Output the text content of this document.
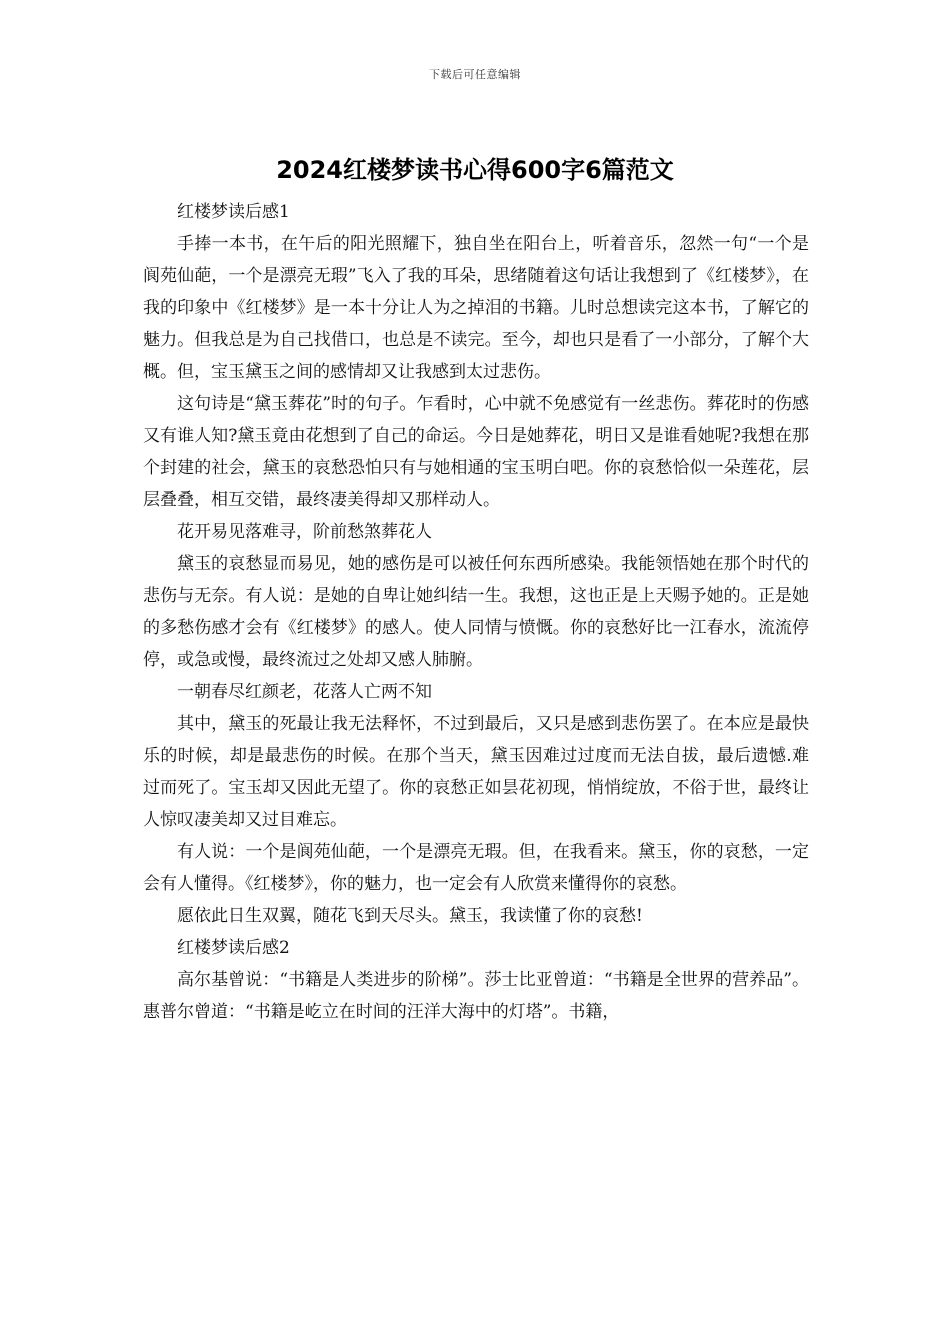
下载后可任意编辑
2024红楼梦读书心得600字6篇范文

红楼梦读后感1

手捧一本书，在午后的阳光照耀下，独自坐在阳台上，听着音乐，忽然一句“一个是阆苑仙葩，一个是漂亮无瑕”飞入了我的耳朵，思绪随着这句话让我想到了《红楼梦》，在我的印象中《红楼梦》是一本十分让人为之掉泪的书籍。儿时总想读完这本书，了解它的魅力。但我总是为自己找借口，也总是不读完。至今，却也只是看了一小部分，了解个大概。但，宝玉黛玉之间的感情却又让我感到太过悲伤。

这句诗是“黛玉葬花”时的句子。乍看时，心中就不免感觉有一丝悲伤。葬花时的伤感又有谁人知?黛玉竟由花想到了自己的命运。今日是她葬花，明日又是谁看她呢?我想在那个封建的社会，黛玉的哀愁恐怕只有与她相通的宝玉明白吧。你的哀愁恰似一朵莲花，层层叠叠，相互交错，最终凄美得却又那样动人。

花开易见落难寻，阶前愁煞葬花人

黛玉的哀愁显而易见，她的感伤是可以被任何东西所感染。我能领悟她在那个时代的悲伤与无奈。有人说：是她的自卑让她纠结一生。我想，这也正是上天赐予她的。正是她的多愁伤感才会有《红楼梦》的感人。使人同情与愤慨。你的哀愁好比一江春水，流流停停，或急或慢，最终流过之处却又感人肺腑。

一朝春尽红颜老，花落人亡两不知

其中，黛玉的死最让我无法释怀，不过到最后，又只是感到悲伤罢了。在本应是最快乐的时候，却是最悲伤的时候。在那个当天，黛玉因难过过度而无法自拔，最后遗憾.难过而死了。宝玉却又因此无望了。你的哀愁正如昙花初现，悄悄绽放，不俗于世，最终让人惊叹凄美却又过目难忘。

有人说：一个是阆苑仙葩，一个是漂亮无瑕。但，在我看来。黛玉，你的哀愁，一定会有人懂得。《红楼梦》，你的魅力，也一定会有人欣赏来懂得你的哀愁。

愿依此日生双翼，随花飞到天尽头。黛玉，我读懂了你的哀愁!

红楼梦读后感2

高尔基曾说：“书籍是人类进步的阶梯”。莎士比亚曾道：“书籍是全世界的营养品”。惠普尔曾道：“书籍是屹立在时间的汪洋大海中的灯塔”。书籍，
